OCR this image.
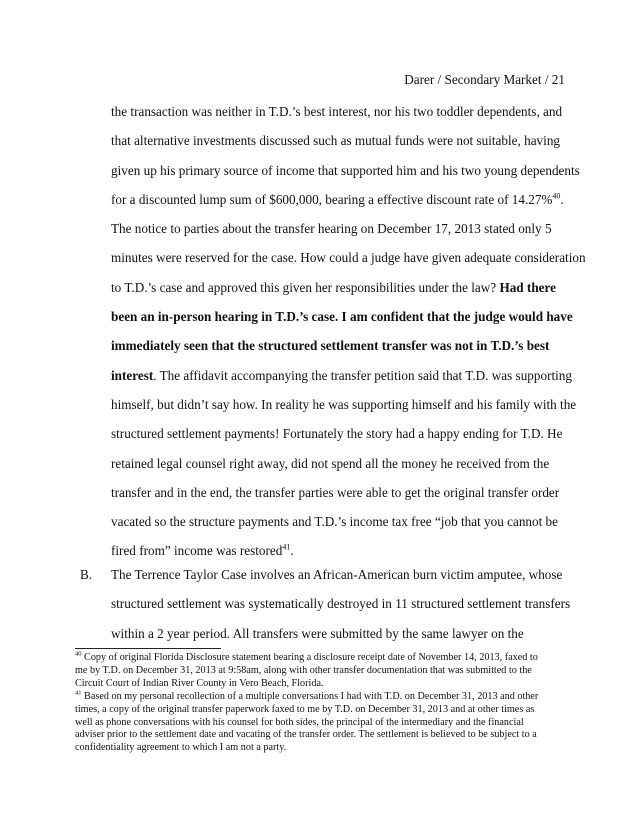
Darer / Secondary Market / 21
the transaction was neither in T.D.’s best interest, nor his two toddler dependents, and
that alternative investments discussed such as mutual funds were not suitable, having
given up his primary source of income that supported him and his two young dependents
for a discounted lump sum of $600,000, bearing a effective discount rate of 14.27%$^{40}$.
The notice to parties about the transfer hearing on December 17, 2013 stated only 5
minutes were reserved for the case. How could a judge have given adequate consideration
to T.D.’s case and approved this given her responsibilities under the law? Had there
been an in-person hearing in T.D.’s case. I am confident that the judge would have
immediately seen that the structured settlement transfer was not in T.D.’s best
interest. The affidavit accompanying the transfer petition said that T.D. was supporting
himself, but didn’t say how. In reality he was supporting himself and his family with the
structured settlement payments! Fortunately the story had a happy ending for T.D. He
retained legal counsel right away, did not spend all the money he received from the
transfer and in the end, the transfer parties were able to get the original transfer order
vacated so the structure payments and T.D.’s income tax free “job that you cannot be
fired from” income was restored$^{41}$.
B. The Terrence Taylor Case involves an African-American burn victim amputee, whose
structured settlement was systematically destroyed in 11 structured settlement transfers
within a 2 year period. All transfers were submitted by the same lawyer on the
$^{40}$ Copy of original Florida Disclosure statement bearing a disclosure receipt date of November 14, 2013, faxed to
me by T.D. on December 31, 2013 at 9:58am, along with other transfer documentation that was submitted to the
Circuit Court of Indian River County in Vero Beach, Florida.
$^{41}$ Based on my personal recollection of a multiple conversations I had with T.D. on December 31, 2013 and other
times, a copy of the original transfer paperwork faxed to me by T.D. on December 31, 2013 and at other times as
well as phone conversations with his counsel for both sides, the principal of the intermediary and the financial
adviser prior to the settlement date and vacating of the transfer order. The settlement is believed to be subject to a
confidentiality agreement to which I am not a party.
